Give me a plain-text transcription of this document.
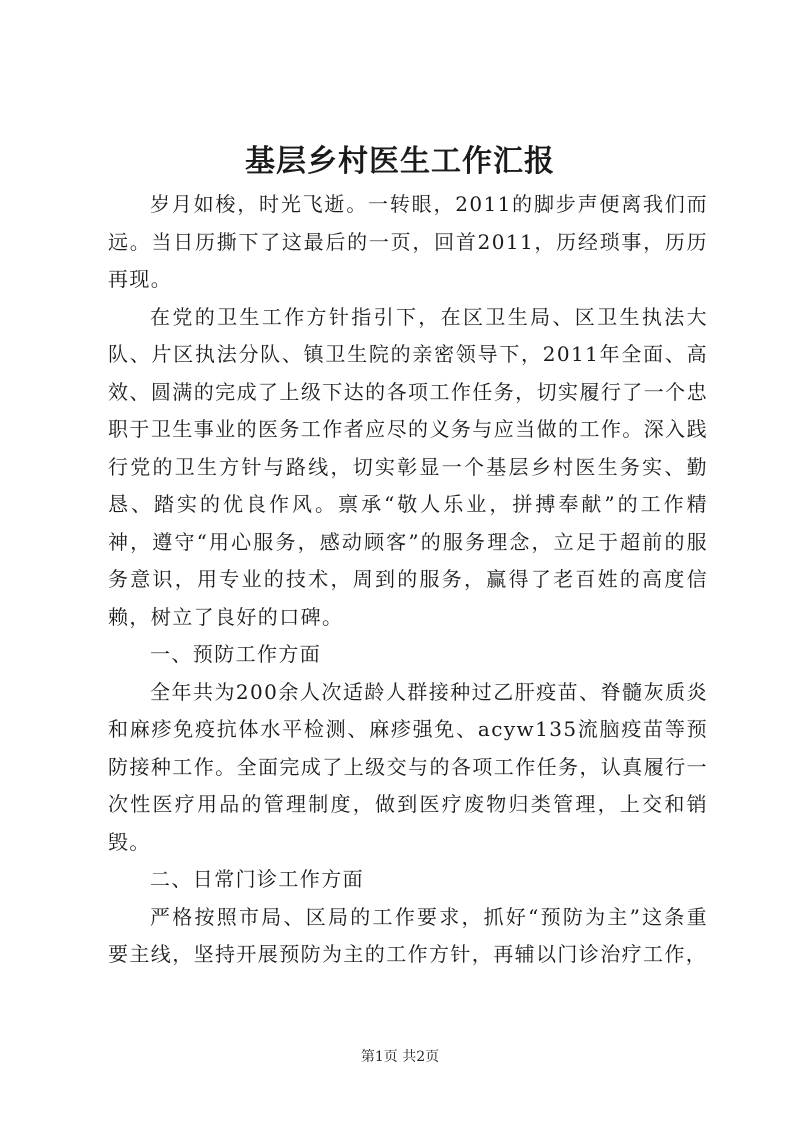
基层乡村医生工作汇报

岁月如梭，时光飞逝。一转眼，2011的脚步声便离我们而远。当日历撕下了这最后的一页，回首2011，历经琐事，历历再现。

在党的卫生工作方针指引下，在区卫生局、区卫生执法大队、片区执法分队、镇卫生院的亲密领导下，2011年全面、高效、圆满的完成了上级下达的各项工作任务，切实履行了一个忠职于卫生事业的医务工作者应尽的义务与应当做的工作。深入践行党的卫生方针与路线，切实彰显一个基层乡村医生务实、勤恳、踏实的优良作风。禀承“敬人乐业，拼搏奉献”的工作精神，遵守“用心服务，感动顾客”的服务理念，立足于超前的服务意识，用专业的技术，周到的服务，赢得了老百姓的高度信赖，树立了良好的口碑。

一、预防工作方面

全年共为200余人次适龄人群接种过乙肝疫苗、脊髓灰质炎和麻疹免疫抗体水平检测、麻疹强免、acyw135流脑疫苗等预防接种工作。全面完成了上级交与的各项工作任务，认真履行一次性医疗用品的管理制度，做到医疗废物归类管理，上交和销毁。

二、日常门诊工作方面

严格按照市局、区局的工作要求，抓好“预防为主”这条重要主线，坚持开展预防为主的工作方针，再辅以门诊治疗工作，

第1页 共2页
